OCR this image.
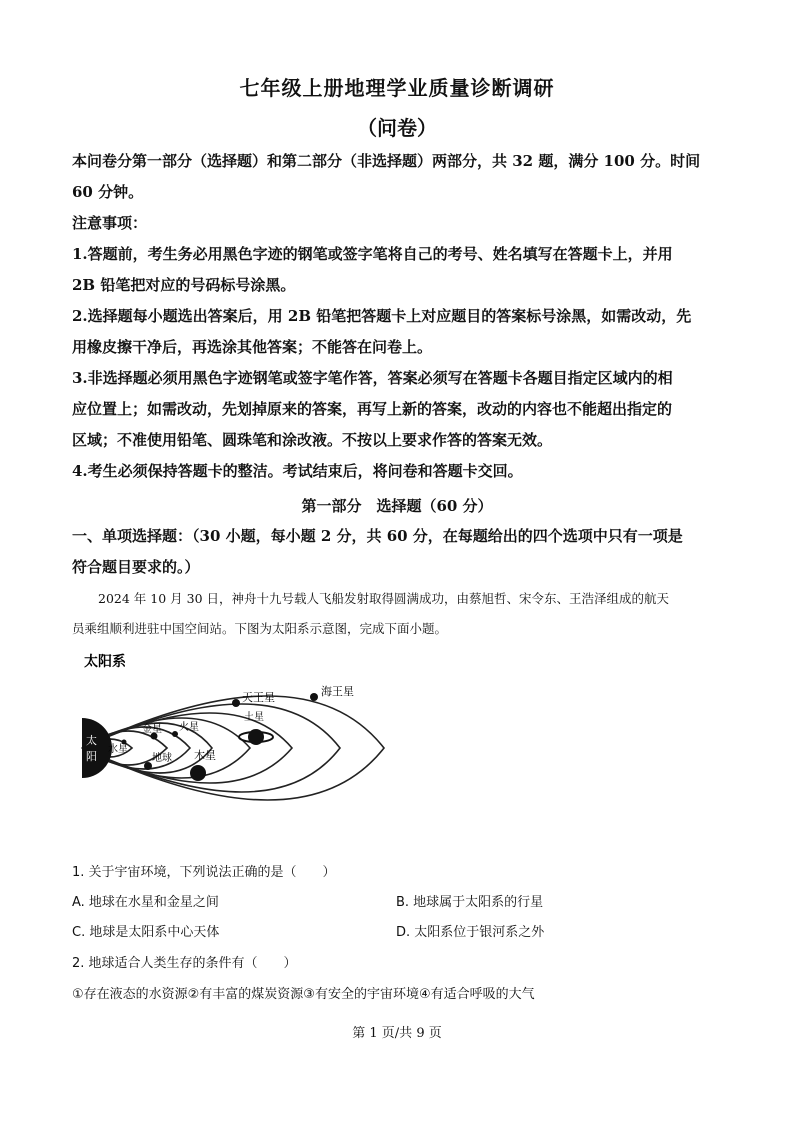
七年级上册地理学业质量诊断调研
（问卷）

本问卷分第一部分（选择题）和第二部分（非选择题）两部分，共 32 题，满分 100 分。时间

60 分钟。

注意事项：

1.答题前，考生务必用黑色字迹的钢笔或签字笔将自己的考号、姓名填写在答题卡上，并用

2B 铅笔把对应的号码标号涂黑。

2.选择题每小题选出答案后，用 2B 铅笔把答题卡上对应题目的答案标号涂黑，如需改动，先

用橡皮擦干净后，再选涂其他答案；不能答在问卷上。

3.非选择题必须用黑色字迹钢笔或签字笔作答，答案必须写在答题卡各题目指定区域内的相

应位置上；如需改动，先划掉原来的答案，再写上新的答案，改动的内容也不能超出指定的

区域；不准使用铅笔、圆珠笔和涂改液。不按以上要求作答的答案无效。

4.考生必须保持答题卡的整洁。考试结束后，将问卷和答题卡交回。

第一部分　选择题（60 分）

一、单项选择题：（30 小题，每小题 2 分，共 60 分，在每题给出的四个选项中只有一项是

符合题目要求的。）

2024 年 10 月 30 日，神舟十九号载人飞船发射取得圆满成功，由蔡旭哲、宋令东、王浩泽组成的航天
员乘组顺利进驻中国空间站。下图为太阳系示意图，完成下面小题。
太阳系
太
阳
水星
金星
地球
火星
木星
土星
天王星	海王星
1. 关于宇宙环境，下列说法正确的是（　　）
A. 地球在水星和金星之间	B. 地球属于太阳系的行星
C. 地球是太阳系中心天体	D. 太阳系位于银河系之外
2. 地球适合人类生存的条件有（　　）
①存在液态的水资源②有丰富的煤炭资源③有安全的宇宙环境④有适合呼吸的大气
第 1 页/共 9 页
